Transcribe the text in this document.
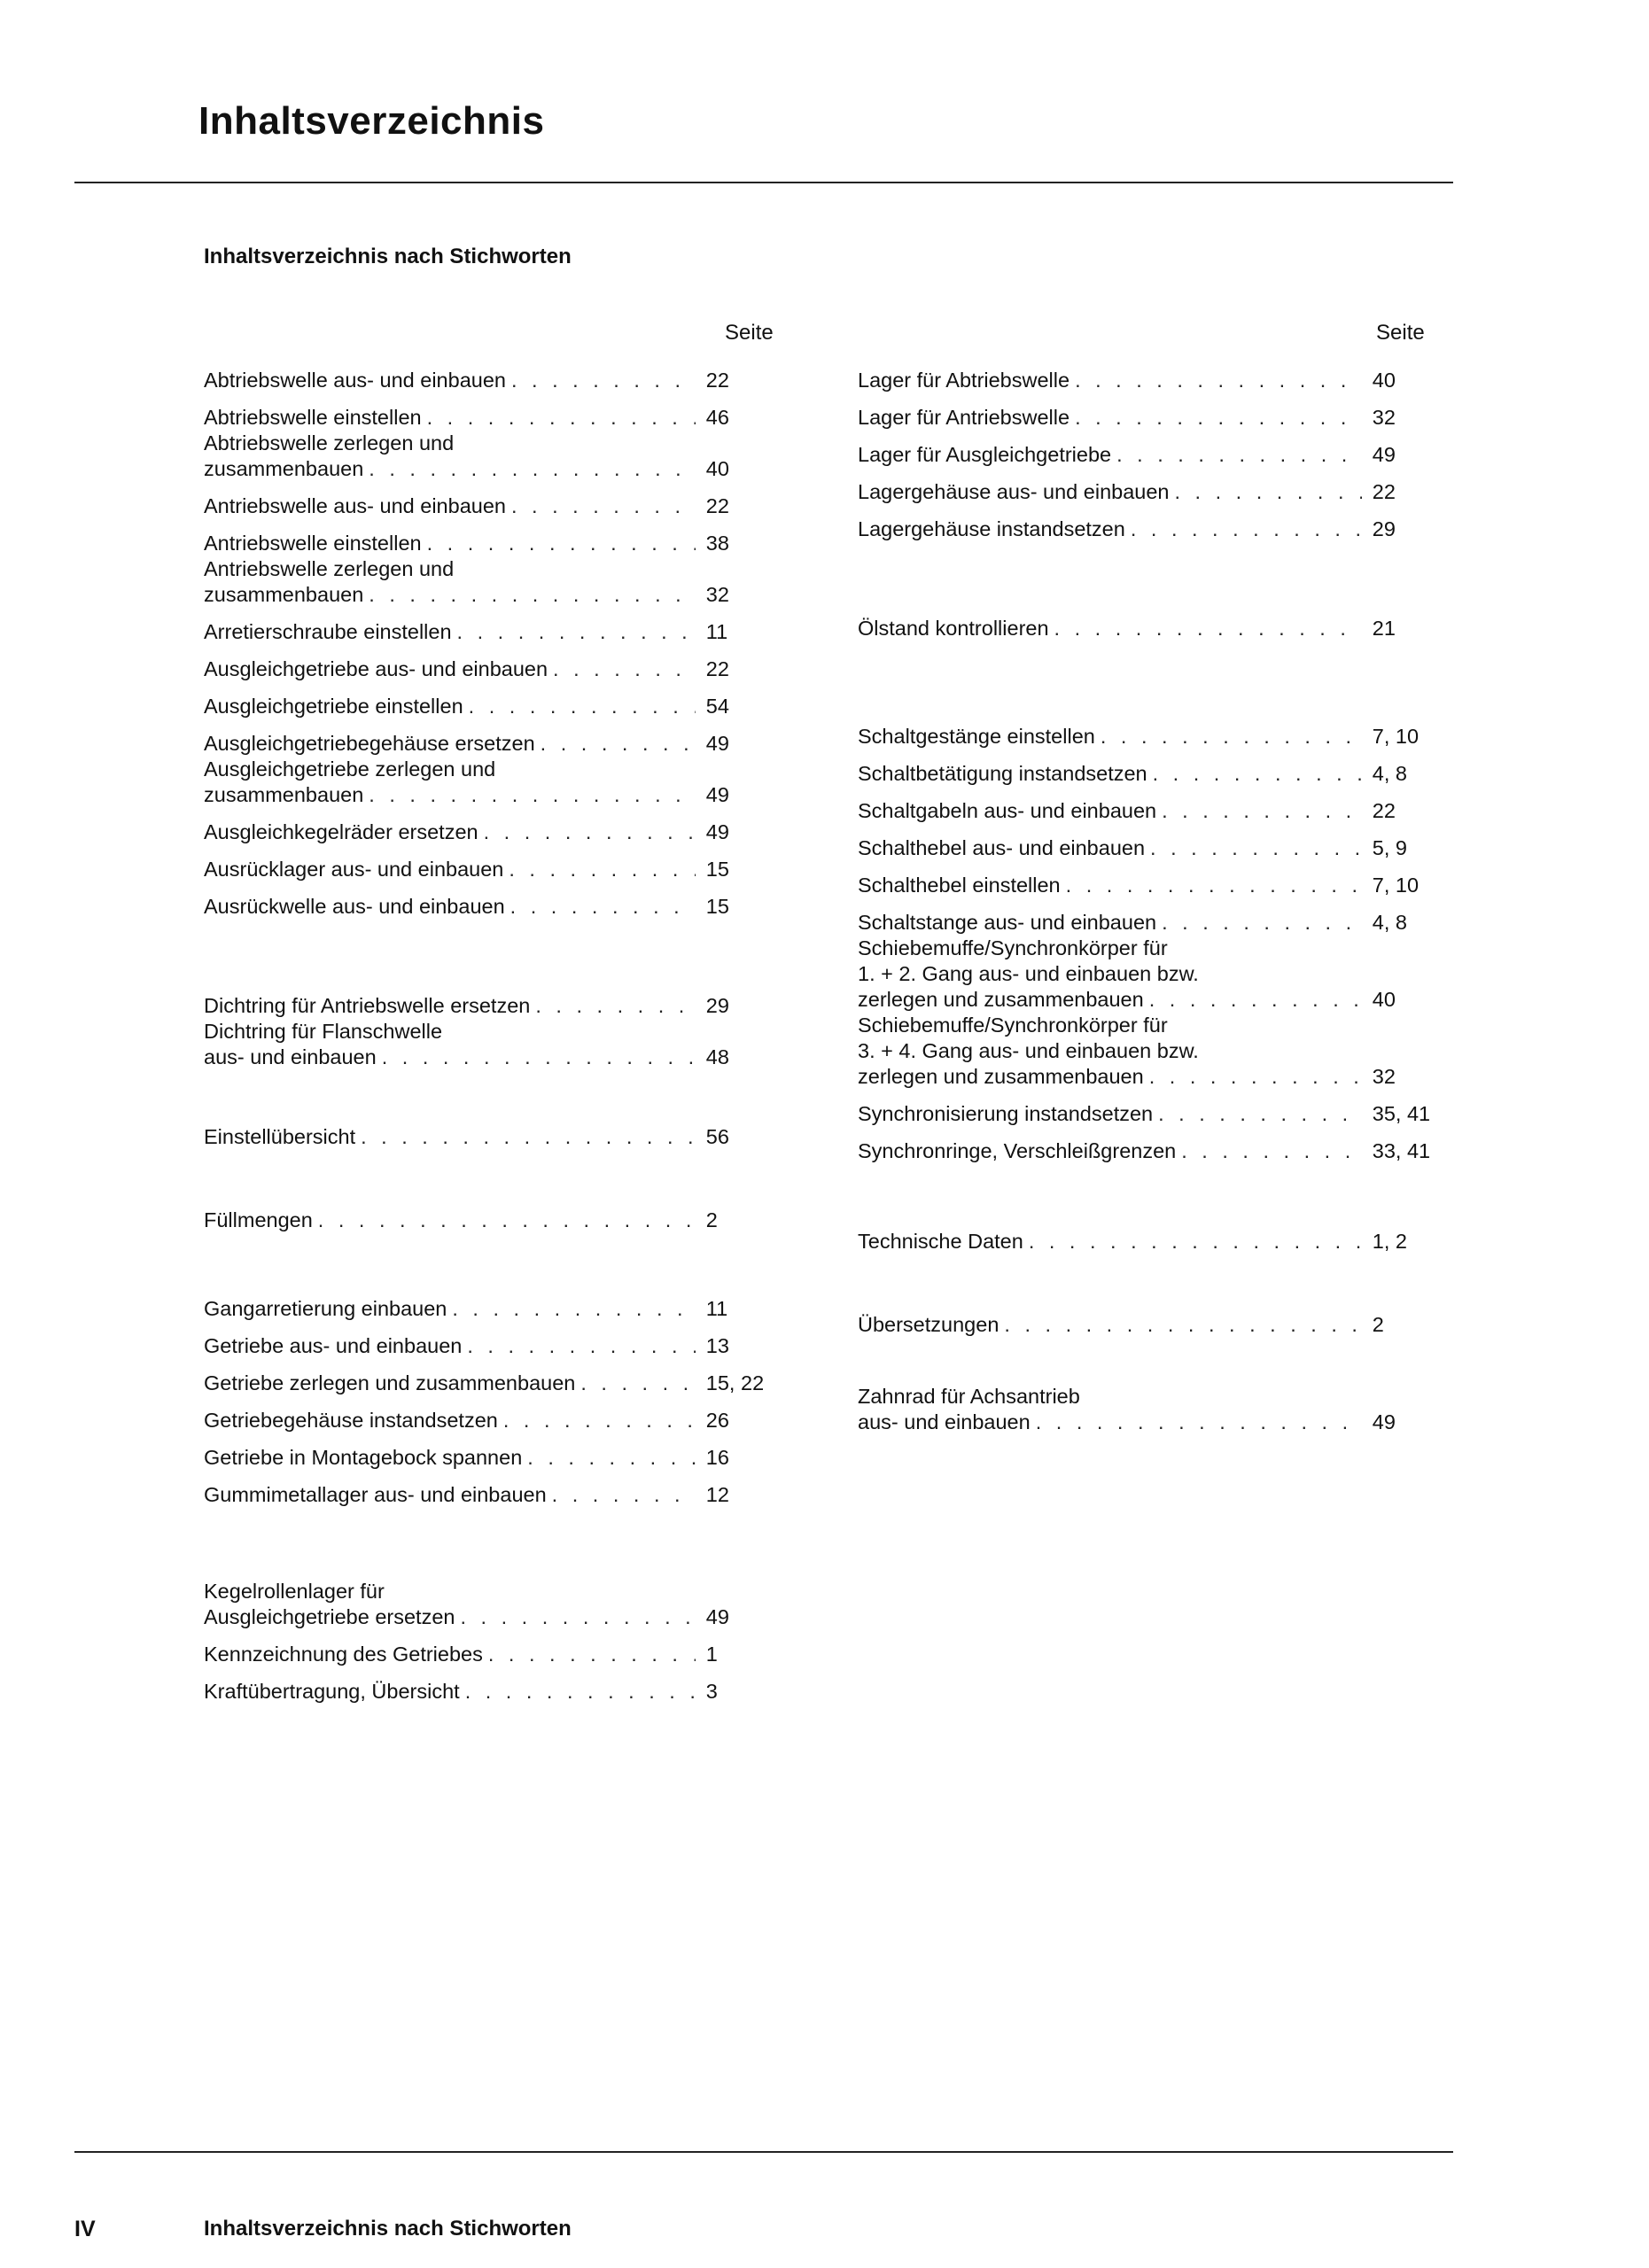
Inhaltsverzeichnis
Inhaltsverzeichnis nach Stichworten
Seite
Abtriebswelle aus- und einbauen . . .	22
Abtriebswelle einstellen . . .	46
Abtriebswelle zerlegen und
zusammenbauen . . .	40
Antriebswelle aus- und einbauen . . .	22
Antriebswelle einstellen . . .	38
Antriebswelle zerlegen und
zusammenbauen . . .	32
Arretierschraube einstellen . . .	11
Ausgleichgetriebe aus- und einbauen . . .	22
Ausgleichgetriebe einstellen . . .	54
Ausgleichgetriebegehäuse ersetzen . . .	49
Ausgleichgetriebe zerlegen und
zusammenbauen . . .	49
Ausgleichkegelräder ersetzen . . .	49
Ausrücklager aus- und einbauen . . .	15
Ausrückwelle aus- und einbauen . . .	15
Dichtring für Antriebswelle ersetzen . . .	29
Dichtring für Flanschwelle
aus- und einbauen . . .	48
Einstellübersicht . . .	56
Füllmengen . . .	2
Gangarretierung einbauen . . .	11
Getriebe aus- und einbauen . . .	13
Getriebe zerlegen und zusammenbauen . . .	15, 22
Getriebegehäuse instandsetzen . . .	26
Getriebe in Montagebock spannen . . .	16
Gummimetallager aus- und einbauen . . .	12
Kegelrollenlager für
Ausgleichgetriebe ersetzen . . .	49
Kennzeichnung des Getriebes . . .	1
Kraftübertragung, Übersicht . . .	3
Seite
Lager für Abtriebswelle . . .	40
Lager für Antriebswelle . . .	32
Lager für Ausgleichgetriebe . . .	49
Lagergehäuse aus- und einbauen . . .	22
Lagergehäuse instandsetzen . . .	29
Ölstand kontrollieren . . .	21
Schaltgestänge einstellen . . .	7, 10
Schaltbetätigung instandsetzen . . .	4, 8
Schaltgabeln aus- und einbauen . . .	22
Schalthebel aus- und einbauen . . .	5, 9
Schalthebel einstellen . . .	7, 10
Schaltstange aus- und einbauen . . .	4, 8
Schiebemuffe/Synchronkörper für
1. + 2. Gang aus- und einbauen bzw.
zerlegen und zusammenbauen . . .	40
Schiebemuffe/Synchronkörper für
3. + 4. Gang aus- und einbauen bzw.
zerlegen und zusammenbauen . . .	32
Synchronisierung instandsetzen . . .	35, 41
Synchronringe, Verschleißgrenzen . . .	33, 41
Technische Daten . . .	1, 2
Übersetzungen . . .	2
Zahnrad für Achsantrieb
aus- und einbauen . . .	49
IV	Inhaltsverzeichnis nach Stichworten
